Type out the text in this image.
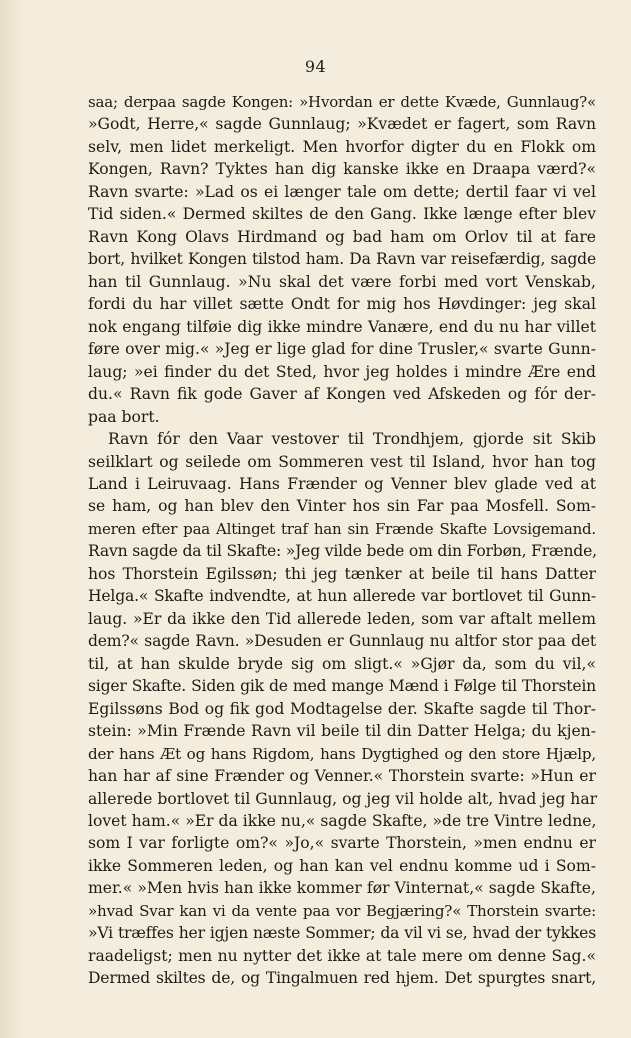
94
saa; derpaa sagde Kongen: »Hvordan er dette Kvæde, Gunnlaug?«
»Godt, Herre,« sagde Gunnlaug; »Kvædet er fagert, som Ravn
selv, men lidet merkeligt. Men hvorfor digter du en Flokk om
Kongen, Ravn? Tyktes han dig kanske ikke en Draapa værd?«
Ravn svarte: »Lad os ei længer tale om dette; dertil faar vi vel
Tid siden.« Dermed skiltes de den Gang. Ikke længe efter blev
Ravn Kong Olavs Hirdmand og bad ham om Orlov til at fare
bort, hvilket Kongen tilstod ham. Da Ravn var reisefærdig, sagde
han til Gunnlaug. »Nu skal det være forbi med vort Venskab,
fordi du har villet sætte Ondt for mig hos Høvdinger: jeg skal
nok engang tilføie dig ikke mindre Vanære, end du nu har villet
føre over mig.« »Jeg er lige glad for dine Trusler,« svarte Gunn-
laug; »ei finder du det Sted, hvor jeg holdes i mindre Ære end
du.« Ravn fik gode Gaver af Kongen ved Afskeden og fór der-
paa bort.
Ravn fór den Vaar vestover til Trondhjem, gjorde sit Skib
seilklart og seilede om Sommeren vest til Island, hvor han tog
Land i Leiruvaag. Hans Frænder og Venner blev glade ved at
se ham, og han blev den Vinter hos sin Far paa Mosfell. Som-
meren efter paa Altinget traf han sin Frænde Skafte Lovsigemand.
Ravn sagde da til Skafte: »Jeg vilde bede om din Forbøn, Frænde,
hos Thorstein Egilssøn; thi jeg tænker at beile til hans Datter
Helga.« Skafte indvendte, at hun allerede var bortlovet til Gunn-
laug. »Er da ikke den Tid allerede leden, som var aftalt mellem
dem?« sagde Ravn. »Desuden er Gunnlaug nu altfor stor paa det
til, at han skulde bryde sig om sligt.« »Gjør da, som du vil,«
siger Skafte. Siden gik de med mange Mænd i Følge til Thorstein
Egilssøns Bod og fik god Modtagelse der. Skafte sagde til Thor-
stein: »Min Frænde Ravn vil beile til din Datter Helga; du kjen-
der hans Æt og hans Rigdom, hans Dygtighed og den store Hjælp,
han har af sine Frænder og Venner.« Thorstein svarte: »Hun er
allerede bortlovet til Gunnlaug, og jeg vil holde alt, hvad jeg har
lovet ham.« »Er da ikke nu,« sagde Skafte, »de tre Vintre ledne,
som I var forligte om?« »Jo,« svarte Thorstein, »men endnu er
ikke Sommeren leden, og han kan vel endnu komme ud i Som-
mer.« »Men hvis han ikke kommer før Vinternat,« sagde Skafte,
»hvad Svar kan vi da vente paa vor Begjæring?« Thorstein svarte:
»Vi træffes her igjen næste Sommer; da vil vi se, hvad der tykkes
raadeligst; men nu nytter det ikke at tale mere om denne Sag.«
Dermed skiltes de, og Tingalmuen red hjem. Det spurgtes snart,
